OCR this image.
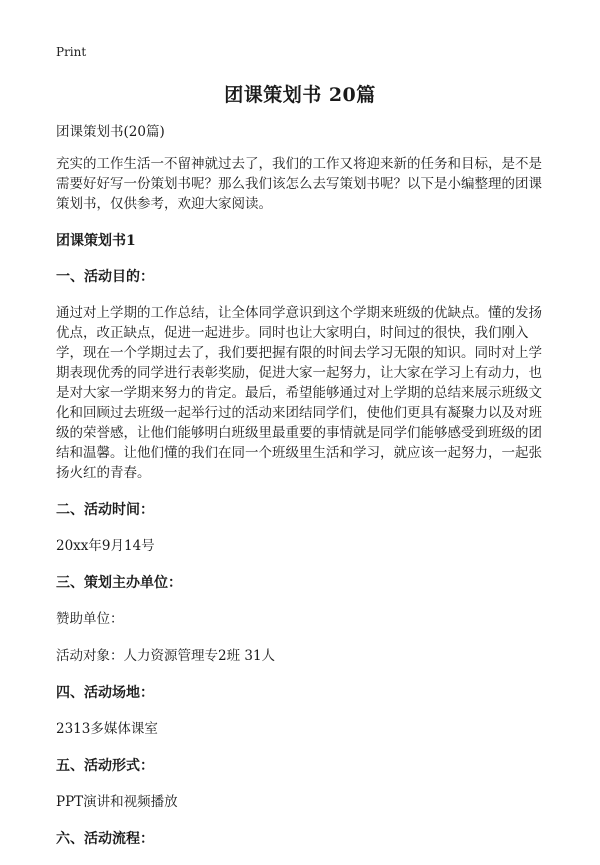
Print
团课策划书 20篇

团课策划书(20篇)

充实的工作生活一不留神就过去了，我们的工作又将迎来新的任务和目标，是不是需要好好写一份策划书呢？那么我们该怎么去写策划书呢？以下是小编整理的团课策划书，仅供参考，欢迎大家阅读。

团课策划书1

一、活动目的：

通过对上学期的工作总结，让全体同学意识到这个学期来班级的优缺点。懂的发扬优点，改正缺点，促进一起进步。同时也让大家明白，时间过的很快，我们刚入学，现在一个学期过去了，我们要把握有限的时间去学习无限的知识。同时对上学期表现优秀的同学进行表彰奖励，促进大家一起努力，让大家在学习上有动力，也是对大家一学期来努力的肯定。最后，希望能够通过对上学期的总结来展示班级文化和回顾过去班级一起举行过的活动来团结同学们，使他们更具有凝聚力以及对班级的荣誉感，让他们能够明白班级里最重要的事情就是同学们能够感受到班级的团结和温馨。让他们懂的我们在同一个班级里生活和学习，就应该一起努力，一起张扬火红的青春。

二、活动时间：

20xx年9月14号

三、策划主办单位：

赞助单位：

活动对象：人力资源管理专2班 31人

四、活动场地：

2313多媒体课室

五、活动形式：

PPT演讲和视频播放

六、活动流程：
